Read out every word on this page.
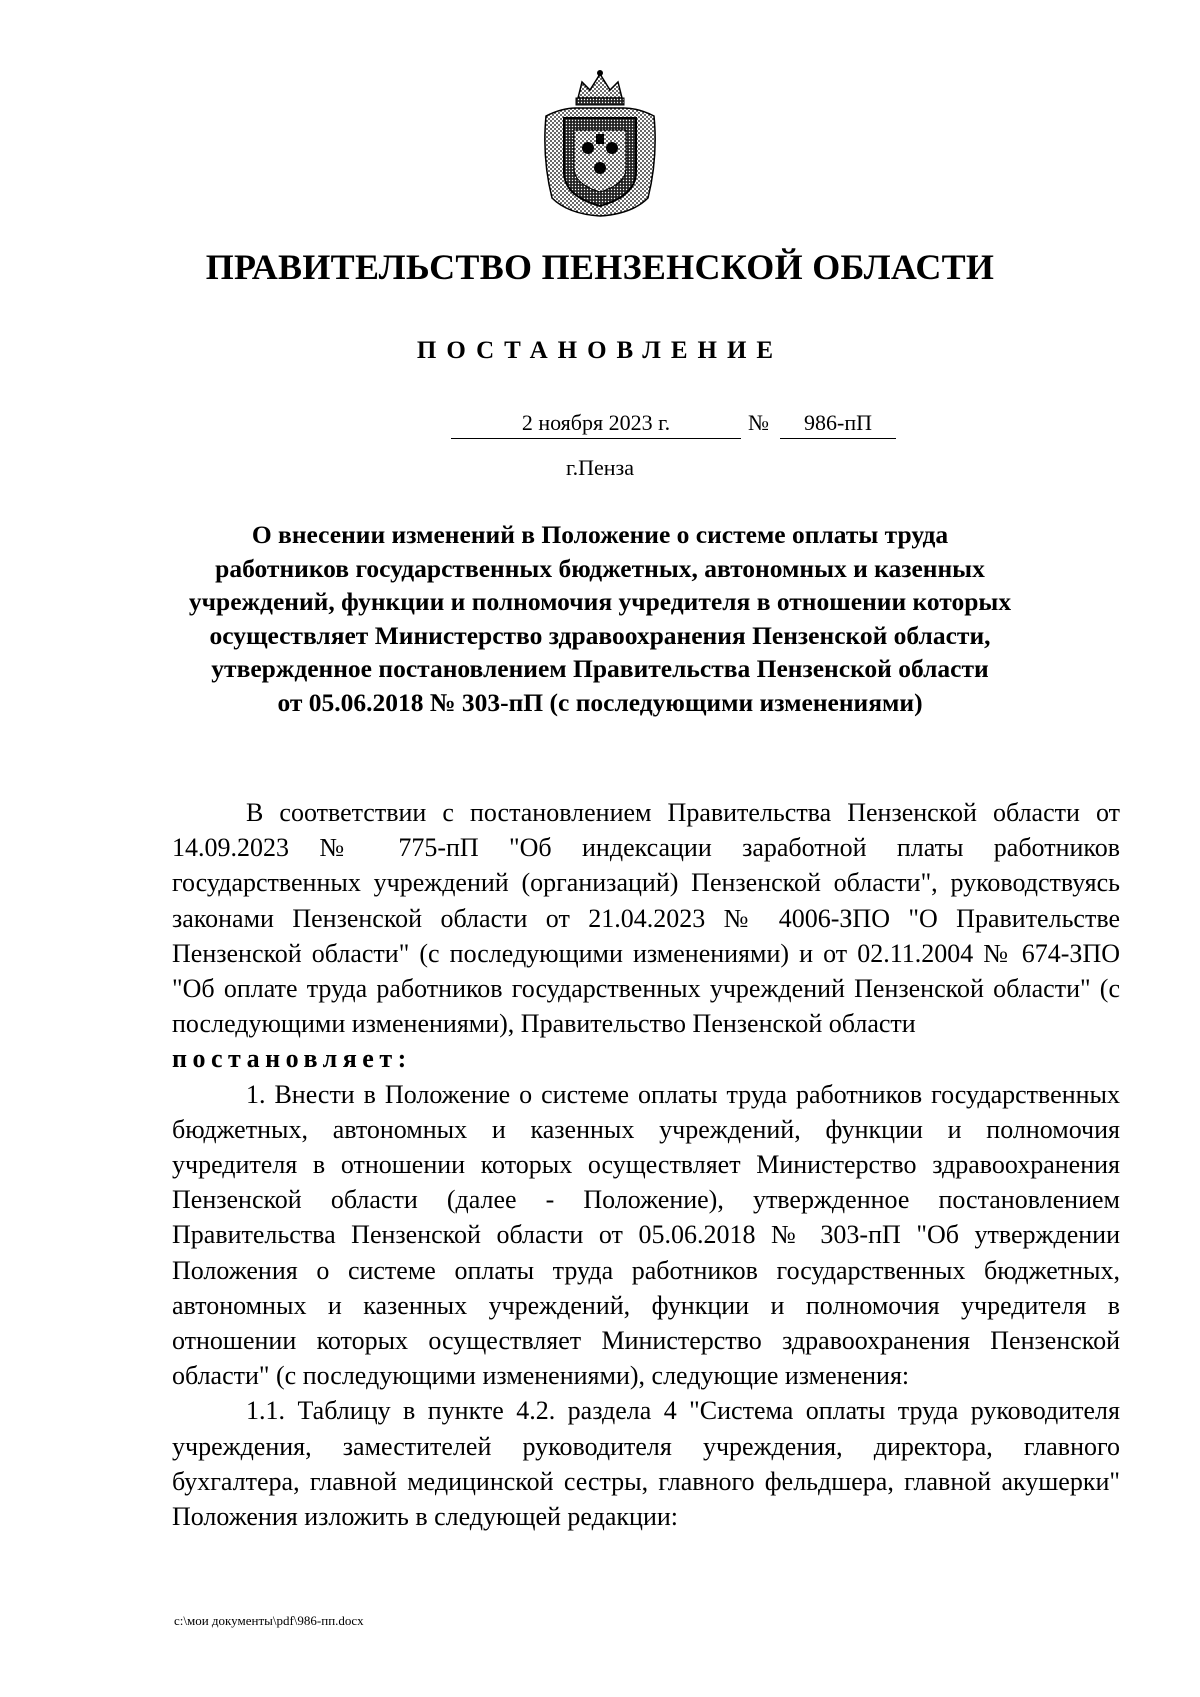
ПРАВИТЕЛЬСТВО ПЕНЗЕНСКОЙ ОБЛАСТИ
ПОСТАНОВЛЕНИЕ
2 ноября 2023 г.	№	986-пП
г.Пенза
О внесении изменений в Положение о системе оплаты труда
работников государственных бюджетных, автономных и казенных
учреждений, функции и полномочия учредителя в отношении которых
осуществляет Министерство здравоохранения Пензенской области,
утвержденное постановлением Правительства Пензенской области
от 05.06.2018 № 303-пП (с последующими изменениями)

В соответствии с постановлением Правительства Пензенской области от 14.09.2023 № 775-пП "Об индексации заработной платы работников государственных учреждений (организаций) Пензенской области", руководствуясь законами Пензенской области от 21.04.2023 № 4006-ЗПО "О Правительстве Пензенской области" (с последующими изменениями) и от 02.11.2004 № 674-ЗПО "Об оплате труда работников государственных учреждений Пензенской области" (с последующими изменениями), Правительство Пензенской области

постановляет:

1. Внести в Положение о системе оплаты труда работников государственных бюджетных, автономных и казенных учреждений, функции и полномочия учредителя в отношении которых осуществляет Министерство здравоохранения Пензенской области (далее - Положение), утвержденное постановлением Правительства Пензенской области от 05.06.2018 № 303-пП "Об утверждении Положения о системе оплаты труда работников государственных бюджетных, автономных и казенных учреждений, функции и полномочия учредителя в отношении которых осуществляет Министерство здравоохранения Пензенской области" (с последующими изменениями), следующие изменения:

1.1. Таблицу в пункте 4.2. раздела 4 "Система оплаты труда руководителя учреждения, заместителей руководителя учреждения, директора, главного бухгалтера, главной медицинской сестры, главного фельдшера, главной акушерки" Положения изложить в следующей редакции:

c:\мои документы\pdf\986-пп.docx
